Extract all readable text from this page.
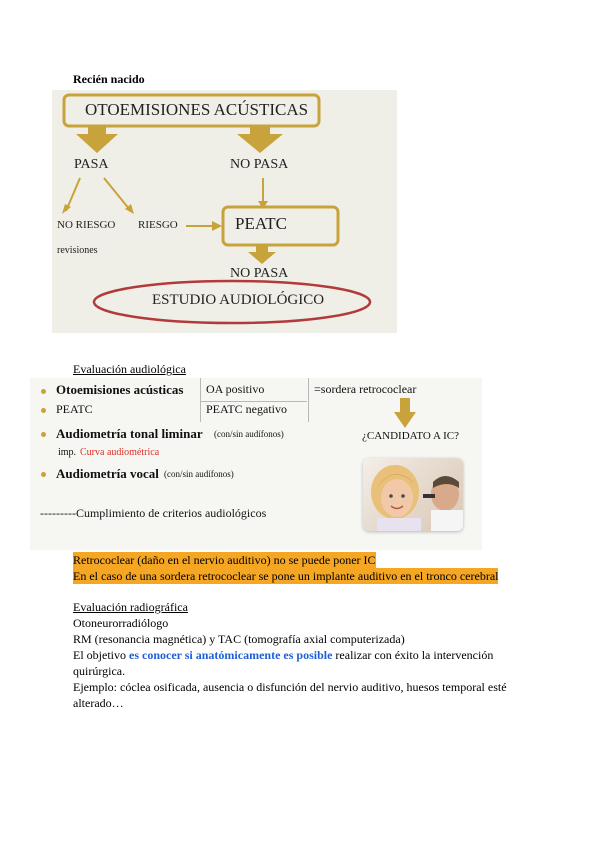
Recién nacido
OTOEMISIONES ACÚSTICAS
PASA	NO PASA
NO RIESGO
revisiones
RIESGO	PEATC
NO PASA
ESTUDIO AUDIOLÓGICO
Evaluación audiológica
Otoemisiones acústicas OA positivo	=sordera retrococlear
PEATC	PEATC negativo
Audiometría tonal liminar (con/sin audífonos)	¿CANDIDATO A IC?
imp. Curva audiométrica
Audiometría vocal (con/sin audífonos)
---------Cumplimiento de criterios audiológicos
Retrococlear (daño en el nervio auditivo) no se puede poner IC
En el caso de una sordera retrococlear se pone un implante auditivo en el tronco cerebral
Evaluación radiográfica
Otoneurorradiólogo
RM (resonancia magnética) y TAC (tomografía axial computerizada)
El objetivo es conocer si anatómicamente es posible realizar con éxito la intervención
quirúrgica.
Ejemplo: cóclea osificada, ausencia o disfunción del nervio auditivo, huesos temporal esté
alterado…
